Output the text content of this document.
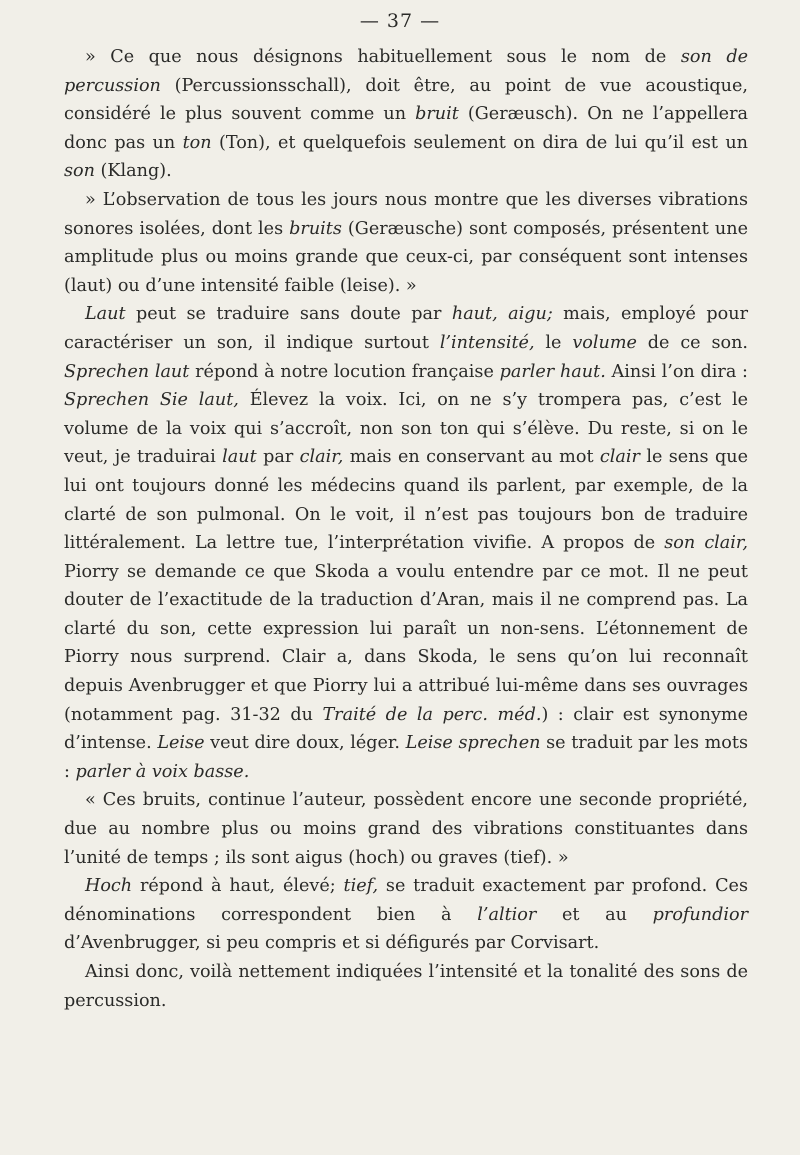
— 37 —

» Ce que nous désignons habituellement sous le nom de son de percussion (Percussionsschall), doit être, au point de vue acoustique, considéré le plus souvent comme un bruit (Geræusch). On ne l’appellera donc pas un ton (Ton), et quelquefois seulement on dira de lui qu’il est un son (Klang).

» L’observation de tous les jours nous montre que les diverses vibrations sonores isolées, dont les bruits (Geræusche) sont composés, présentent une amplitude plus ou moins grande que ceux-ci, par conséquent sont intenses (laut) ou d’une intensité faible (leise). »

Laut peut se traduire sans doute par haut, aigu; mais, employé pour caractériser un son, il indique surtout l’intensité, le volume de ce son. Sprechen laut répond à notre locution française parler haut. Ainsi l’on dira : Sprechen Sie laut, Élevez la voix. Ici, on ne s’y trompera pas, c’est le volume de la voix qui s’accroît, non son ton qui s’élève. Du reste, si on le veut, je traduirai laut par clair, mais en conservant au mot clair le sens que lui ont toujours donné les médecins quand ils parlent, par exemple, de la clarté de son pulmonal. On le voit, il n’est pas toujours bon de traduire littéralement. La lettre tue, l’interprétation vivifie. A propos de son clair, Piorry se demande ce que Skoda a voulu entendre par ce mot. Il ne peut douter de l’exactitude de la traduction d’Aran, mais il ne comprend pas. La clarté du son, cette expression lui paraît un non-sens. L’étonnement de Piorry nous surprend. Clair a, dans Skoda, le sens qu’on lui reconnaît depuis Avenbrugger et que Piorry lui a attribué lui-même dans ses ouvrages (notamment pag. 31-32 du Traité de la perc. méd.) : clair est synonyme d’intense. Leise veut dire doux, léger. Leise sprechen se traduit par les mots : parler à voix basse.

« Ces bruits, continue l’auteur, possèdent encore une seconde propriété, due au nombre plus ou moins grand des vibrations constituantes dans l’unité de temps ; ils sont aigus (hoch) ou graves (tief). »

Hoch répond à haut, élevé; tief, se traduit exactement par profond. Ces dénominations correspondent bien à l’altior et au profundior d’Avenbrugger, si peu compris et si défigurés par Corvisart.

Ainsi donc, voilà nettement indiquées l’intensité et la tonalité des sons de percussion.
